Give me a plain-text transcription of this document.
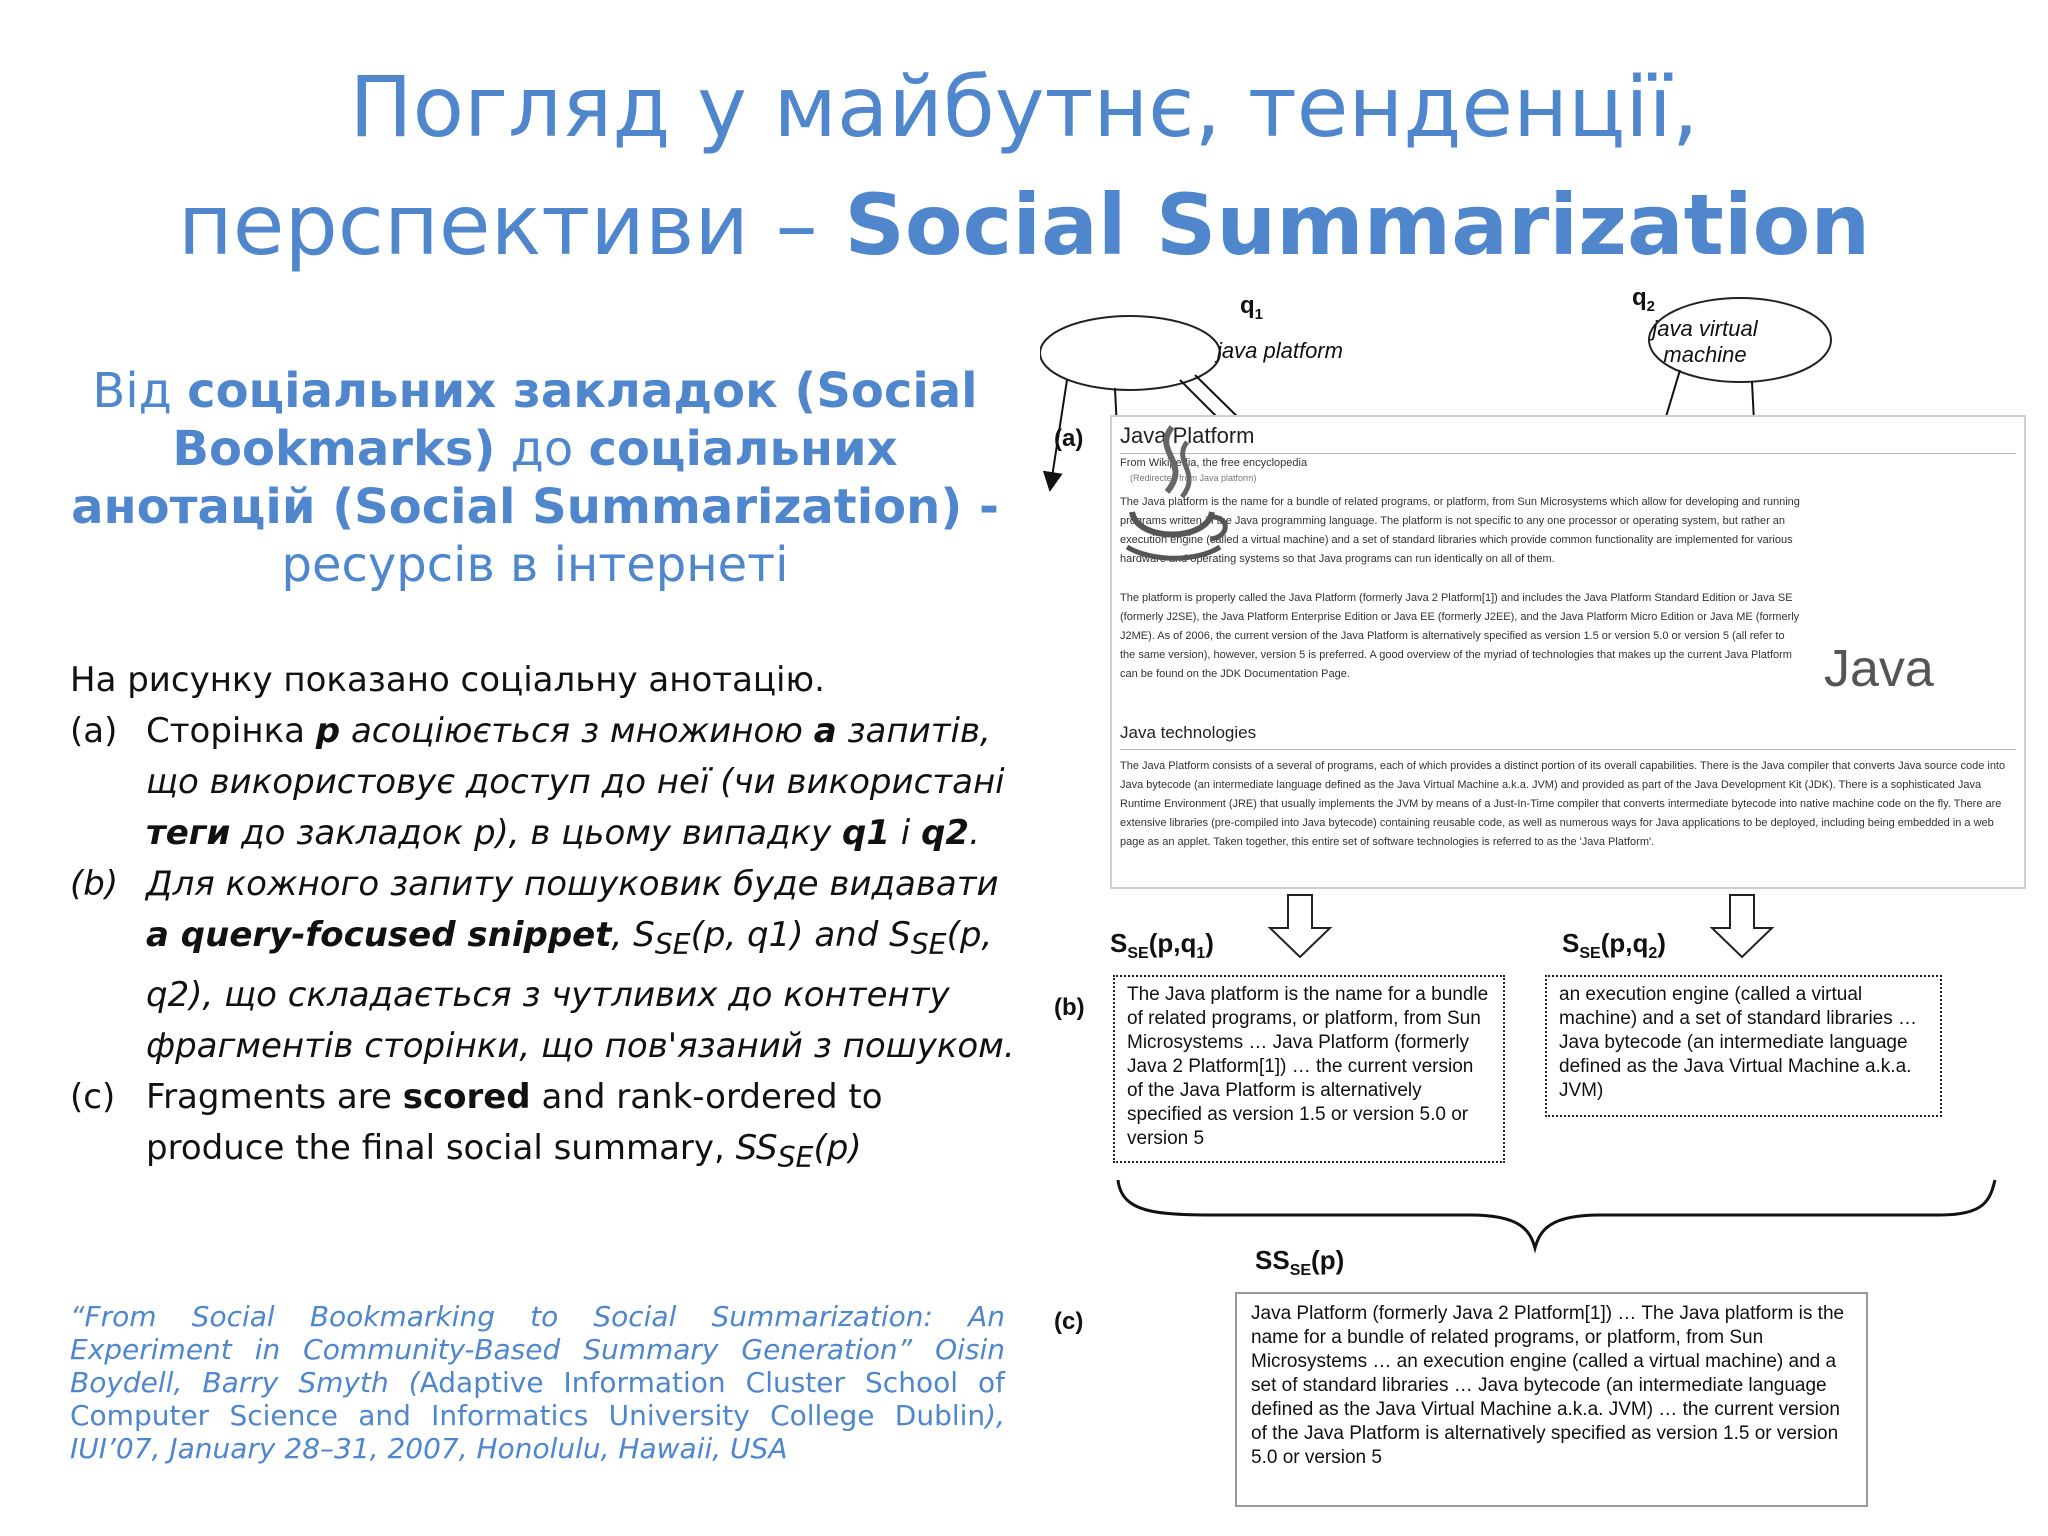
Погляд у майбутнє, тенденції,
перспективи – Social Summarization
Від соціальних закладок (Social Bookmarks) до соціальних анотацій (Social Summarization) - ресурсів в інтернеті
На рисунку показано соціальну анотацію.
(a) Сторінка p асоціюється з множиною a запитів, що використовує доступ до неї (чи використані теги до закладок p), в цьому випадку q1 і q2.
(b) Для кожного запиту пошуковик буде видавати a query-focused snippet, $S_{SE}(p$, q1) and $S_{SE}(p$, q2), що складається з чутливих до контенту фрагментів сторінки, що пов'язаний з пошуком.
(c) Fragments are scored and rank-ordered to produce the final social summary, $SS_{SE}(p)$
“From Social Bookmarking to Social Summarization: An Experiment in Community-Based Summary Generation” Oisin Boydell, Barry Smyth (Adaptive Information Cluster School of Computer Science and Informatics University College Dublin), IUI’07, January 28–31, 2007, Honolulu, Hawaii, USA
$q_1$
java platform
$q_2$
java virtual machine
(a)
(b)
(c)
Java Platform
From Wikipedia, the free encyclopedia
(Redirected from Java platform)
The Java platform is the name for a bundle of related programs, or platform, from Sun Microsystems which allow for developing and running programs written in the Java programming language. The platform is not specific to any one processor or operating system, but rather an execution engine (called a virtual machine) and a set of standard libraries which provide common functionality are implemented for various hardware and operating systems so that Java programs can run identically on all of them.
The platform is properly called the Java Platform (formerly Java 2 Platform[1]) and includes the Java Platform Standard Edition or Java SE (formerly J2SE), the Java Platform Enterprise Edition or Java EE (formerly J2EE), and the Java Platform Micro Edition or Java ME (formerly J2ME). As of 2006, the current version of the Java Platform is alternatively specified as version 1.5 or version 5.0 or version 5 (all refer to the same version), however, version 5 is preferred. A good overview of the myriad of technologies that makes up the current Java Platform can be found on the JDK Documentation Page.
Java technologies
The Java Platform consists of a several of programs, each of which provides a distinct portion of its overall capabilities. There is the Java compiler that converts Java source code into Java bytecode (an intermediate language defined as the Java Virtual Machine a.k.a. JVM) and provided as part of the Java Development Kit (JDK). There is a sophisticated Java Runtime Environment (JRE) that usually implements the JVM by means of a Just-In-Time compiler that converts intermediate bytecode into native machine code on the fly. There are extensive libraries (pre-compiled into Java bytecode) containing reusable code, as well as numerous ways for Java applications to be deployed, including being embedded in a web page as an applet. Taken together, this entire set of software technologies is referred to as the 'Java Platform'.
Java
$S_{SE}(p,q_1)$
The Java platform is the name for a bundle of related programs, or platform, from Sun Microsystems … Java Platform (formerly Java 2 Platform[1]) … the current version of the Java Platform is alternatively specified as version 1.5 or version 5.0 or version 5
$S_{SE}(p,q_2)$
an execution engine (called a virtual machine) and a set of standard libraries … Java bytecode (an intermediate language defined as the Java Virtual Machine a.k.a. JVM)
$SS_{SE}(p)$
Java Platform (formerly Java 2 Platform[1]) … The Java platform is the name for a bundle of related programs, or platform, from Sun Microsystems … an execution engine (called a virtual machine) and a set of standard libraries … Java bytecode (an intermediate language defined as the Java Virtual Machine a.k.a. JVM) … the current version of the Java Platform is alternatively specified as version 1.5 or version 5.0 or version 5
